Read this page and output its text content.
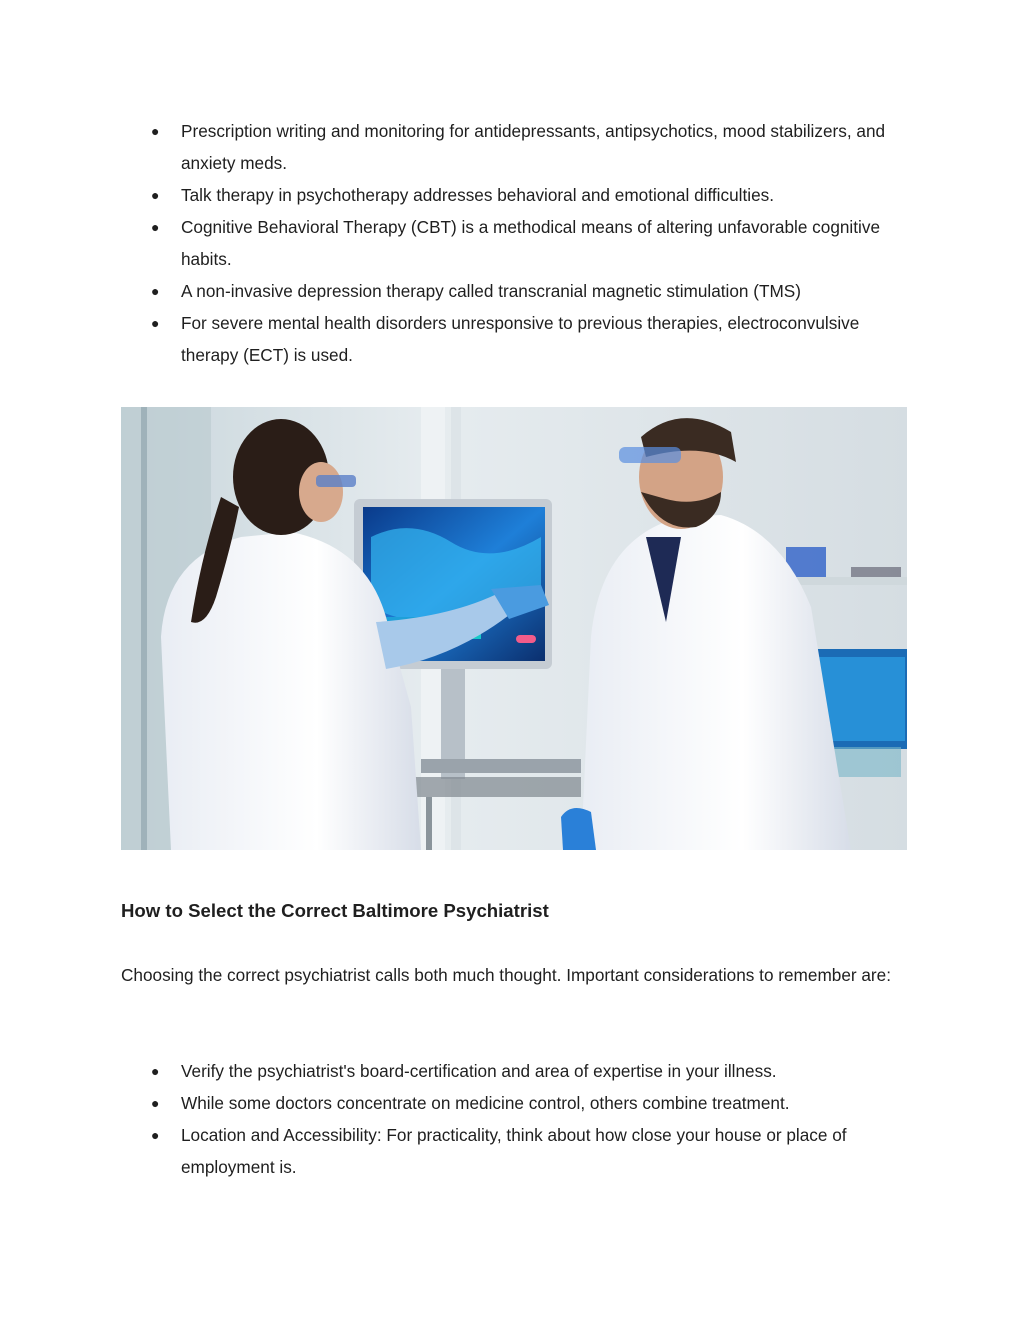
● Prescription writing and monitoring for antidepressants, antipsychotics, mood stabilizers, and anxiety meds.
● Talk therapy in psychotherapy addresses behavioral and emotional difficulties.
● Cognitive Behavioral Therapy (CBT) is a methodical means of altering unfavorable cognitive habits.
● A non-invasive depression therapy called transcranial magnetic stimulation (TMS)
● For severe mental health disorders unresponsive to previous therapies, electroconvulsive therapy (ECT) is used.
How to Select the Correct Baltimore Psychiatrist

Choosing the correct psychiatrist calls both much thought. Important considerations to remember are:

● Verify the psychiatrist's board-certification and area of expertise in your illness.
● While some doctors concentrate on medicine control, others combine treatment.
● Location and Accessibility: For practicality, think about how close your house or place of employment is.
